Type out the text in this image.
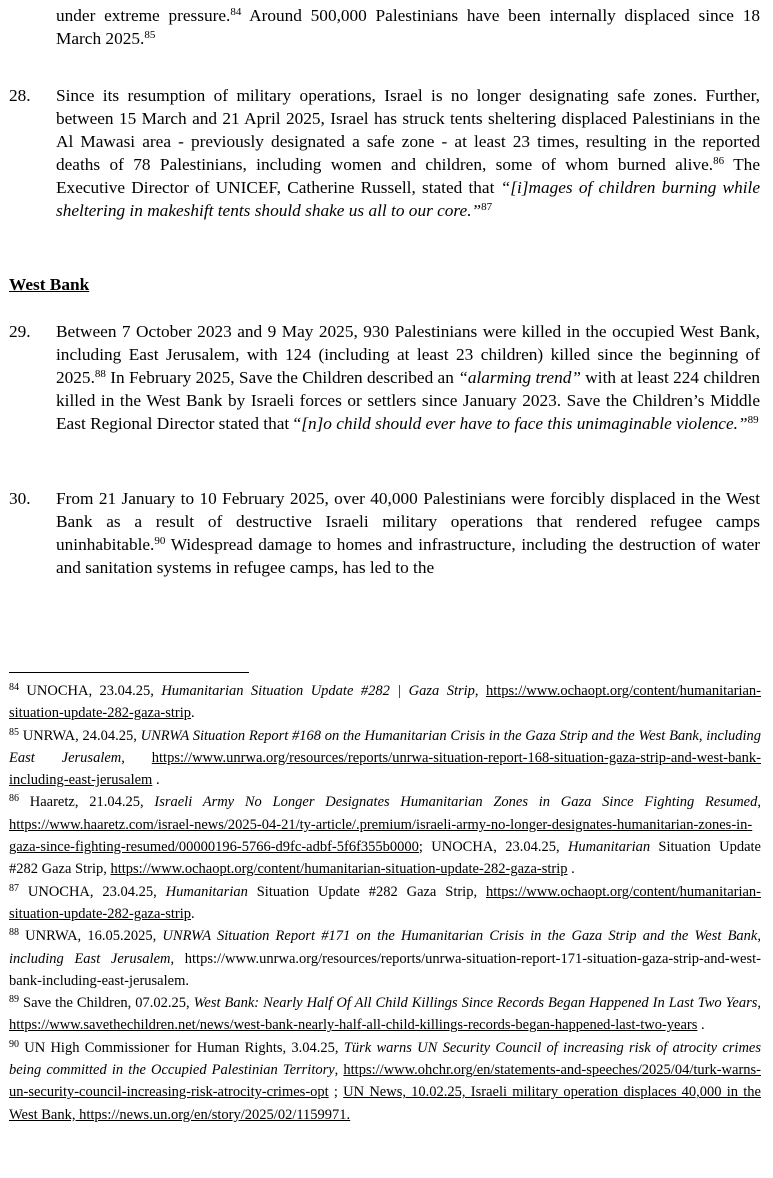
under extreme pressure.$^{84}$ Around 500,000 Palestinians have been internally displaced since 18 March 2025.85
28. Since its resumption of military operations, Israel is no longer designating safe zones. Further, between 15 March and 21 April 2025, Israel has struck tents sheltering displaced Palestinians in the Al Mawasi area - previously designated a safe zone - at least 23 times, resulting in the reported deaths of 78 Palestinians, including women and children, some of whom burned alive.$^{86}$ The Executive Director of UNICEF, Catherine Russell, stated that “[i]mages of children burning while sheltering in makeshift tents should shake us all to our core.”$^{87}$
West Bank
29. Between 7 October 2023 and 9 May 2025, 930 Palestinians were killed in the occupied West Bank, including East Jerusalem, with 124 (including at least 23 children) killed since the beginning of 2025.88 In February 2025, Save the Children described an “alarming trend” with at least 224 children killed in the West Bank by Israeli forces or settlers since January 2023. Save the Children’s Middle East Regional Director stated that “[n]o child should ever have to face this unimaginable violence.”$^{89}$
30. From 21 January to 10 February 2025, over 40,000 Palestinians were forcibly displaced in the West Bank as a result of destructive Israeli military operations that rendered refugee camps uninhabitable.$^{90}$ Widespread damage to homes and infrastructure, including the destruction of water and sanitation systems in refugee camps, has led to the
$^{84}$ UNOCHA, 23.04.25, Humanitarian Situation Update #282 | Gaza Strip, https://www.ochaopt.org/content/humanitarian-situation-update-282-gaza-strip.
$^{85}$ UNRWA, 24.04.25, UNRWA Situation Report #168 on the Humanitarian Crisis in the Gaza Strip and the West Bank, including East Jerusalem, https://www.unrwa.org/resources/reports/unrwa-situation-report-168-situation-gaza-strip-and-west-bank-including-east-jerusalem .
$^{86}$ Haaretz, 21.04.25, Israeli Army No Longer Designates Humanitarian Zones in Gaza Since Fighting Resumed, https://www.haaretz.com/israel-news/2025-04-21/ty-article/.premium/israeli-army-no-longer-designates-humanitarian-zones-in-gaza-since-fighting-resumed/00000196-5766-d9fc-adbf-5f6f355b0000; UNOCHA, 23.04.25, Humanitarian Situation Update #282 Gaza Strip, https://www.ochaopt.org/content/humanitarian-situation-update-282-gaza-strip .
$^{87}$ UNOCHA, 23.04.25, Humanitarian Situation Update #282 Gaza Strip, https://www.ochaopt.org/content/humanitarian-situation-update-282-gaza-strip.
$^{88}$ UNRWA, 16.05.2025, UNRWA Situation Report #171 on the Humanitarian Crisis in the Gaza Strip and the West Bank, including East Jerusalem, https://www.unrwa.org/resources/reports/unrwa-situation-report-171-situation-gaza-strip-and-west-bank-including-east-jerusalem.
$^{89}$ Save the Children, 07.02.25, West Bank: Nearly Half Of All Child Killings Since Records Began Happened In Last Two Years, https://www.savethechildren.net/news/west-bank-nearly-half-all-child-killings-records-began-happened-last-two-years .
$^{90}$ UN High Commissioner for Human Rights, 3.04.25, Türk warns UN Security Council of increasing risk of atrocity crimes being committed in the Occupied Palestinian Territory, https://www.ohchr.org/en/statements-and-speeches/2025/04/turk-warns-un-security-council-increasing-risk-atrocity-crimes-opt ; UN News, 10.02.25, Israeli military operation displaces 40,000 in the West Bank, https://news.un.org/en/story/2025/02/1159971.
